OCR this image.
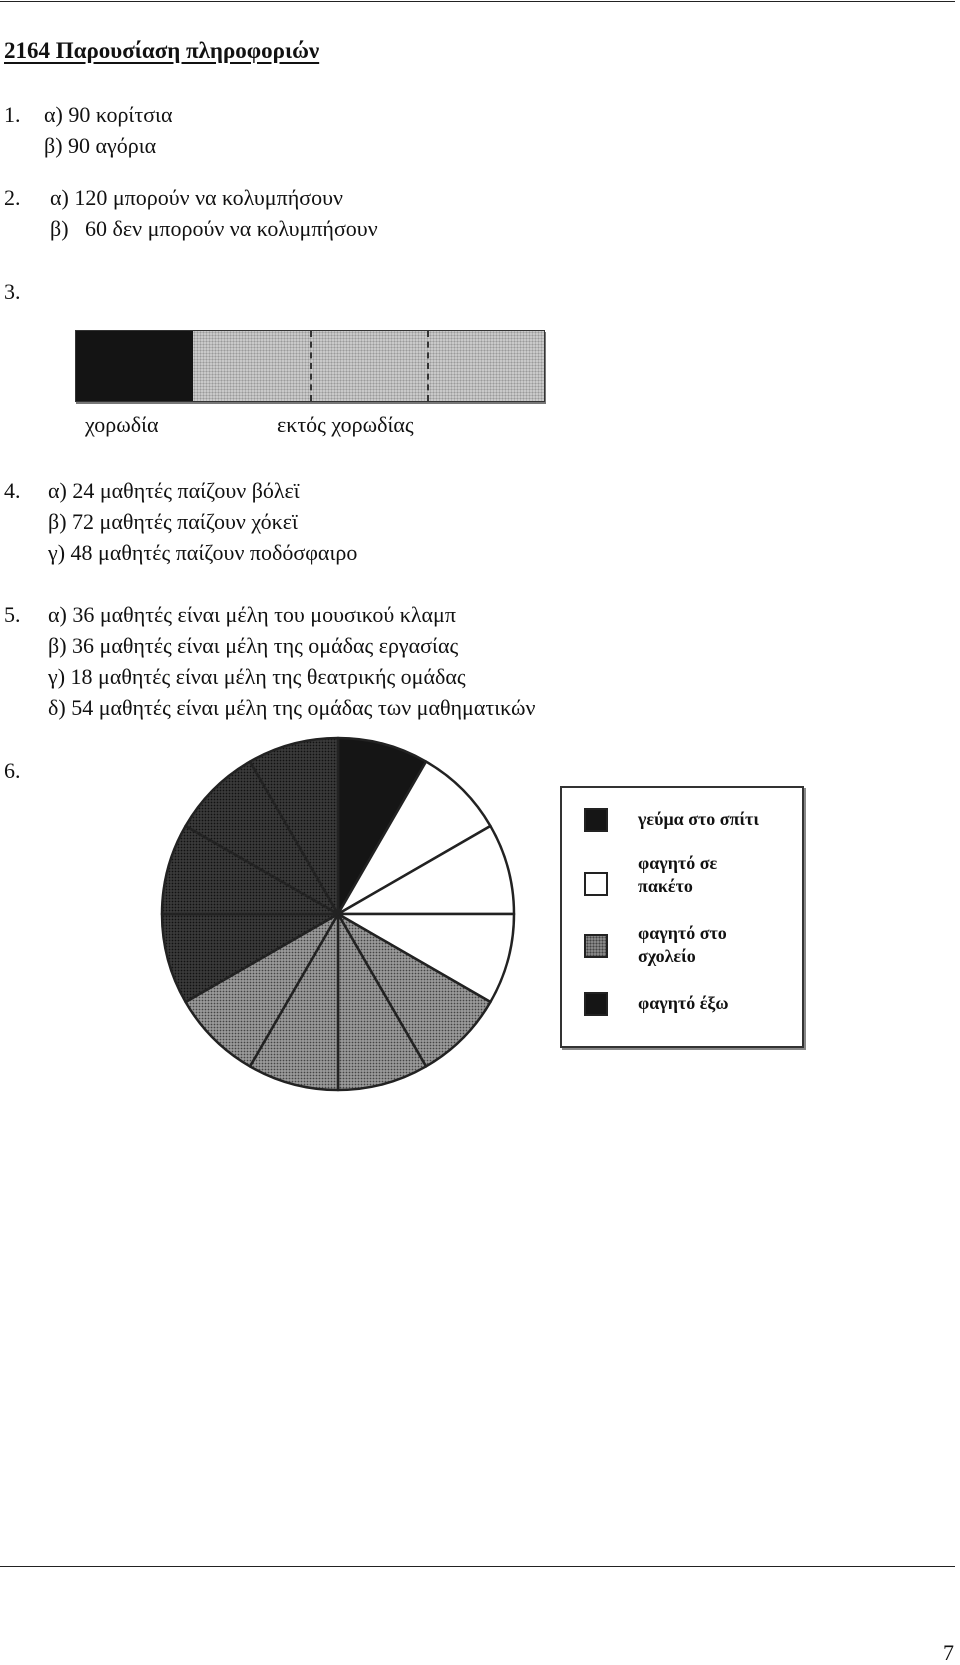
2164 Παρουσίαση πληροφοριών
1. α) 90 κορίτσια
β) 90 αγόρια
2. α) 120 μπορούν να κολυμπήσουν
β)   60 δεν μπορούν να κολυμπήσουν
3.
χορωδία	εκτός χορωδίας
4. α) 24 μαθητές παίζουν βόλεϊ
β) 72 μαθητές παίζουν χόκεϊ
γ) 48 μαθητές παίζουν ποδόσφαιρο
5. α) 36 μαθητές είναι μέλη του μουσικού κλαμπ
β) 36 μαθητές είναι μέλη της ομάδας εργασίας
γ) 18 μαθητές είναι μέλη της θεατρικής ομάδας
δ) 54 μαθητές είναι μέλη της ομάδας των μαθηματικών
6.
γεύμα στο σπίτι
φαγητό σε
πακέτο
φαγητό στο
σχολείο
φαγητό έξω
7
